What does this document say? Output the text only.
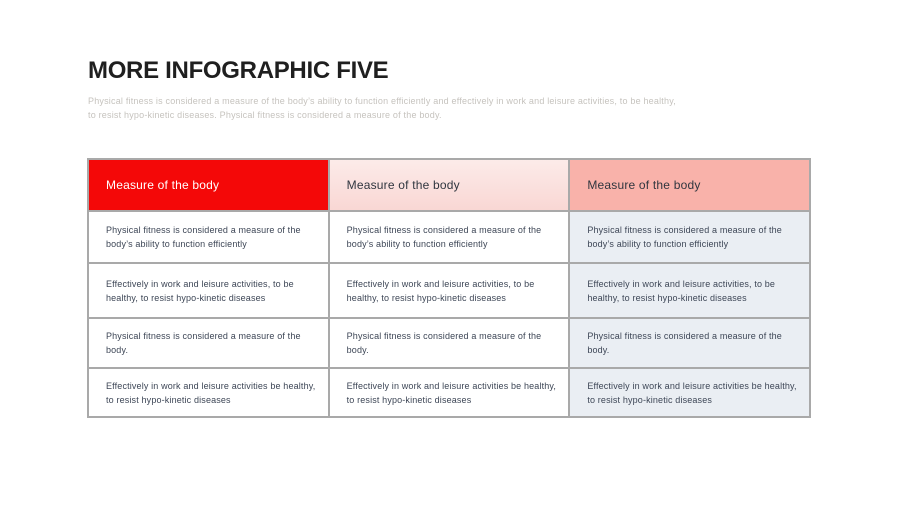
MORE INFOGRAPHIC FIVE
Physical fitness is considered a measure of the body’s ability to function efficiently and effectively in work and leisure activities, to be healthy,
to resist hypo-kinetic diseases. Physical fitness is considered a measure of the body.
Measure of the body	Measure of the body	Measure of the body
Physical fitness is considered a measure of the body’s ability to function efficiently	Physical fitness is considered a measure of the body’s ability to function efficiently	Physical fitness is considered a measure of the body’s ability to function efficiently
Effectively in work and leisure activities, to be healthy, to resist hypo-kinetic diseases	Effectively in work and leisure activities, to be healthy, to resist hypo-kinetic diseases	Effectively in work and leisure activities, to be healthy, to resist hypo-kinetic diseases
Physical fitness is considered a measure of the body.	Physical fitness is considered a measure of the body.	Physical fitness is considered a measure of the body.
Effectively in work and leisure activities be healthy, to resist hypo-kinetic diseases	Effectively in work and leisure activities be healthy, to resist hypo-kinetic diseases	Effectively in work and leisure activities be healthy, to resist hypo-kinetic diseases
